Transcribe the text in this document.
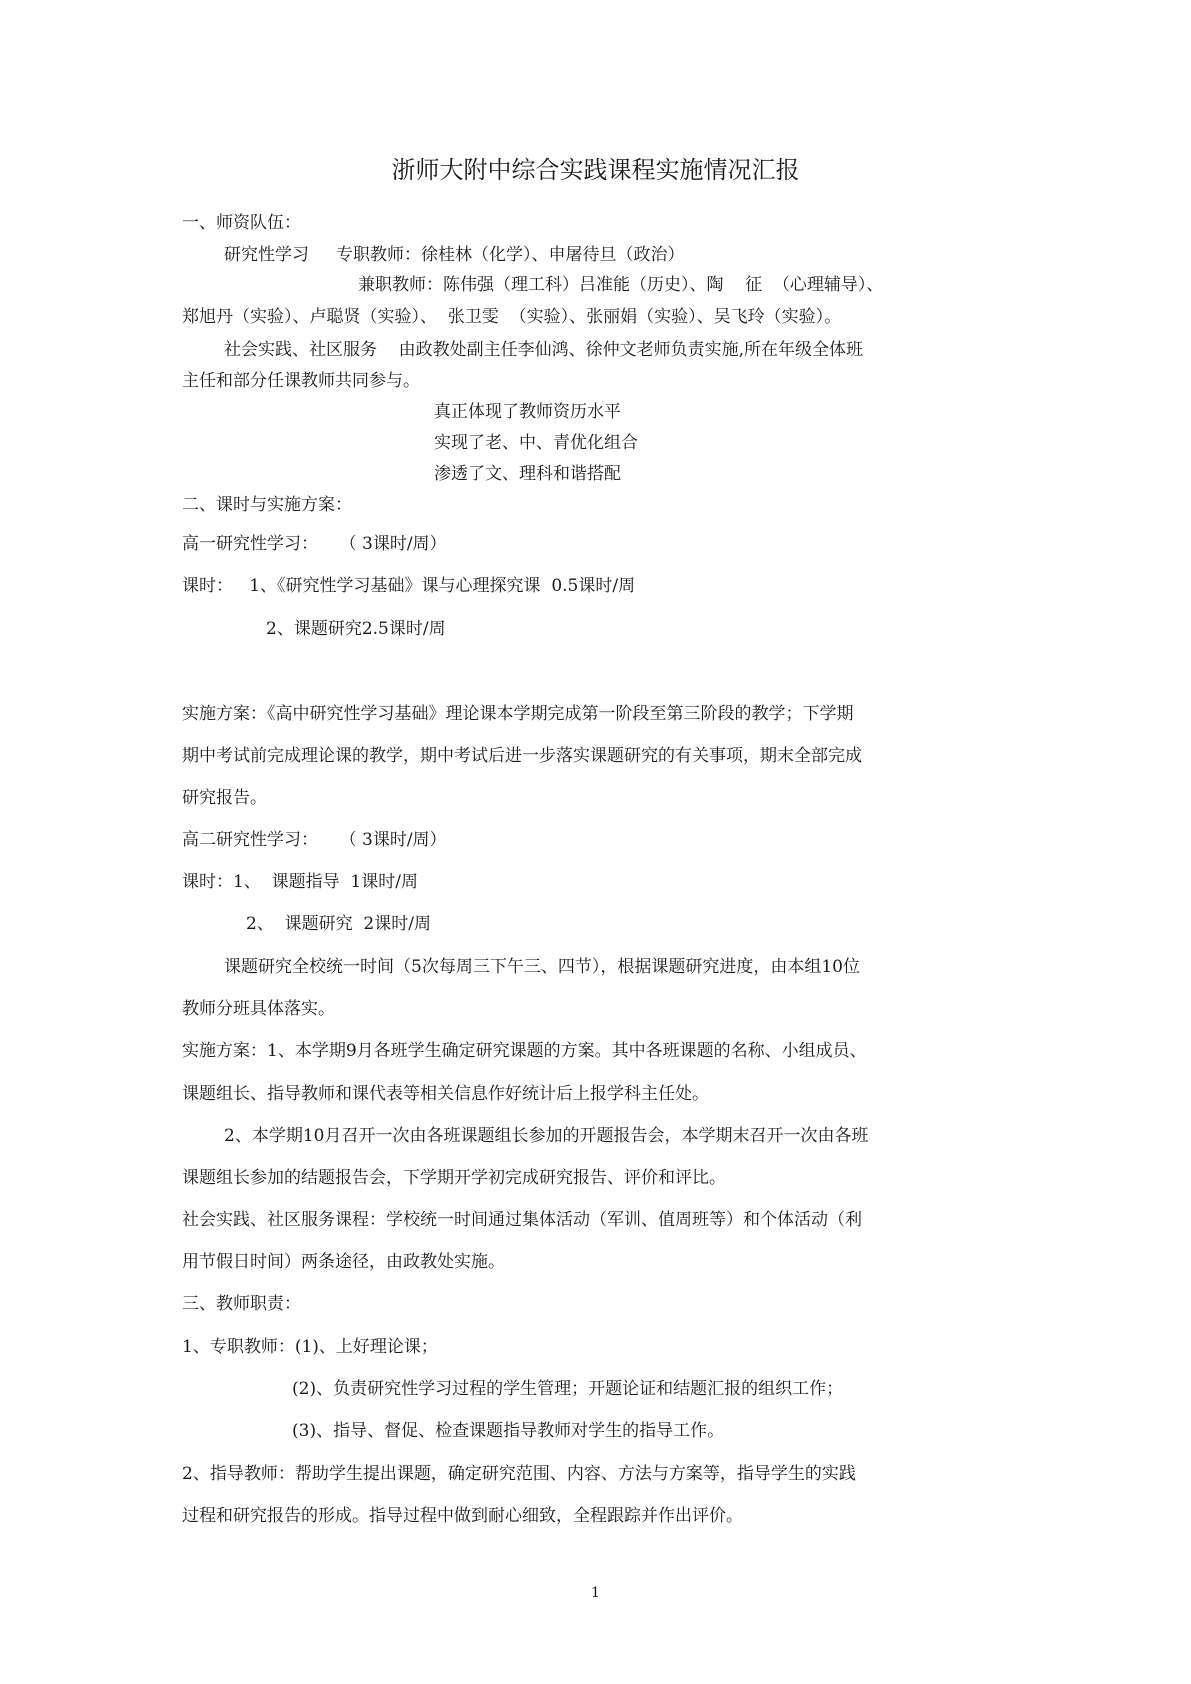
浙师大附中综合实践课程实施情况汇报
一、师资队伍：
研究性学习     专职教师：徐桂林（化学）、申屠待旦（政治）
兼职教师：陈伟强（理工科）吕准能（历史）、陶    征  （心理辅导）、
郑旭丹（实验）、卢聪贤（实验）、  张卫雯  （实验）、张丽娟（实验）、吴飞玲（实验）。
社会实践、社区服务    由政教处副主任李仙鸿、徐仲文老师负责实施,所在年级全体班
主任和部分任课教师共同参与。
真正体现了教师资历水平
实现了老、中、青优化组合
渗透了文、理科和谐搭配
二、课时与实施方案：
高一研究性学习：    （ 3课时/周）
课时：   1、《研究性学习基础》课与心理探究课  0.5课时/周
2、课题研究2.5课时/周
实施方案：《高中研究性学习基础》理论课本学期完成第一阶段至第三阶段的教学；下学期
期中考试前完成理论课的教学，期中考试后进一步落实课题研究的有关事项，期末全部完成
研究报告。
高二研究性学习：    （ 3课时/周）
课时：1、  课题指导  1课时/周
2、  课题研究  2课时/周
课题研究全校统一时间（5次每周三下午三、四节），根据课题研究进度，由本组10位
教师分班具体落实。
实施方案：1、本学期9月各班学生确定研究课题的方案。其中各班课题的名称、小组成员、
课题组长、指导教师和课代表等相关信息作好统计后上报学科主任处。
2、本学期10月召开一次由各班课题组长参加的开题报告会，本学期末召开一次由各班
课题组长参加的结题报告会，下学期开学初完成研究报告、评价和评比。
社会实践、社区服务课程：学校统一时间通过集体活动（军训、值周班等）和个体活动（利
用节假日时间）两条途径，由政教处实施。
三、教师职责：
1、专职教师：(1)、上好理论课；
(2)、负责研究性学习过程的学生管理；开题论证和结题汇报的组织工作；
(3)、指导、督促、检查课题指导教师对学生的指导工作。
2、指导教师：帮助学生提出课题，确定研究范围、内容、方法与方案等，指导学生的实践
过程和研究报告的形成。指导过程中做到耐心细致，全程跟踪并作出评价。
1
